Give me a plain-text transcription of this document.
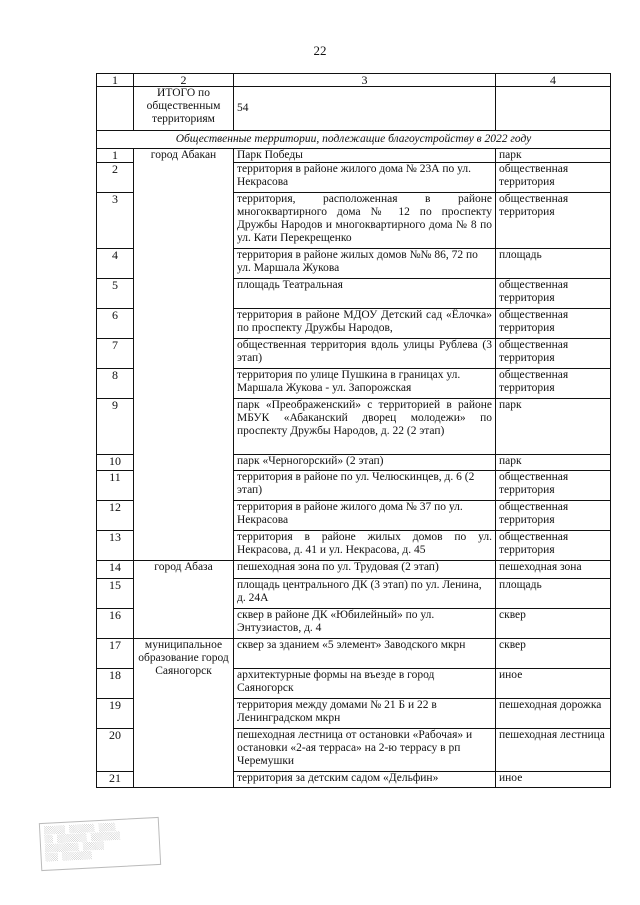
22
1	2	3	4
	ИТОГО по общественным территориям	54	
Общественные территории, подлежащие благоустройству в 2022 году			
1	город Абакан	Парк Победы	парк
2		территория в районе жилого дома № 23А по ул. Некрасова	общественная территория
3		территория, расположенная в районе многоквартирного дома № 12 по проспекту Дружбы Народов и многоквартирного дома № 8 по ул. Кати Перекрещенко	общественная территория
4		территория в районе жилых домов №№ 86, 72 по ул. Маршала Жукова	площадь
5		площадь Театральная	общественная территория
6		территория в районе МДОУ Детский сад «Ёлочка» по проспекту Дружбы Народов,	общественная территория
7		общественная территория вдоль улицы Рублева (3 этап)	общественная территория
8		территория по улице Пушкина в границах ул. Маршала Жукова - ул. Запорожская	общественная территория
9		парк «Преображенский» с территорией в районе МБУК «Абаканский дворец молодежи» по проспекту Дружбы Народов, д. 22 (2 этап)	парк
10		парк «Черногорский» (2 этап)	парк
11		территория в районе по ул. Челюскинцев, д. 6 (2 этап)	общественная территория
12		территория в районе жилого дома № 37 по ул. Некрасова	общественная территория
13		территория в районе жилых домов по ул. Некрасова, д. 41 и ул. Некрасова, д. 45	общественная территория
14	город Абаза	пешеходная зона по ул. Трудовая (2 этап)	пешеходная зона
15		площадь центрального ДК (3 этап) по ул. Ленина, д. 24А	площадь
16		сквер в районе ДК «Юбилейный» по ул. Энтузиастов, д. 4	сквер
17	муниципальное образование город Саяногорск	сквер за зданием «5 элемент» Заводского мкрн	сквер
18		архитектурные формы на въезде в город Саяногорск	иное
19		территория между домами № 21 Б и 22 в Ленинградском мкрн	пешеходная дорожка
20		пешеходная лестница от остановки «Рабочая» и остановки «2-ая терраса» на 2-ю террасу в рп Черемушки	пешеходная лестница
21		территория за детским садом «Дельфин»	иное
░░░░░ ░░░░░░ ░░░░
░░ ░░░░░░░ ░░░░░░░
░░░░░░░░ ░░░░░
░░░ ░░░░░░░
